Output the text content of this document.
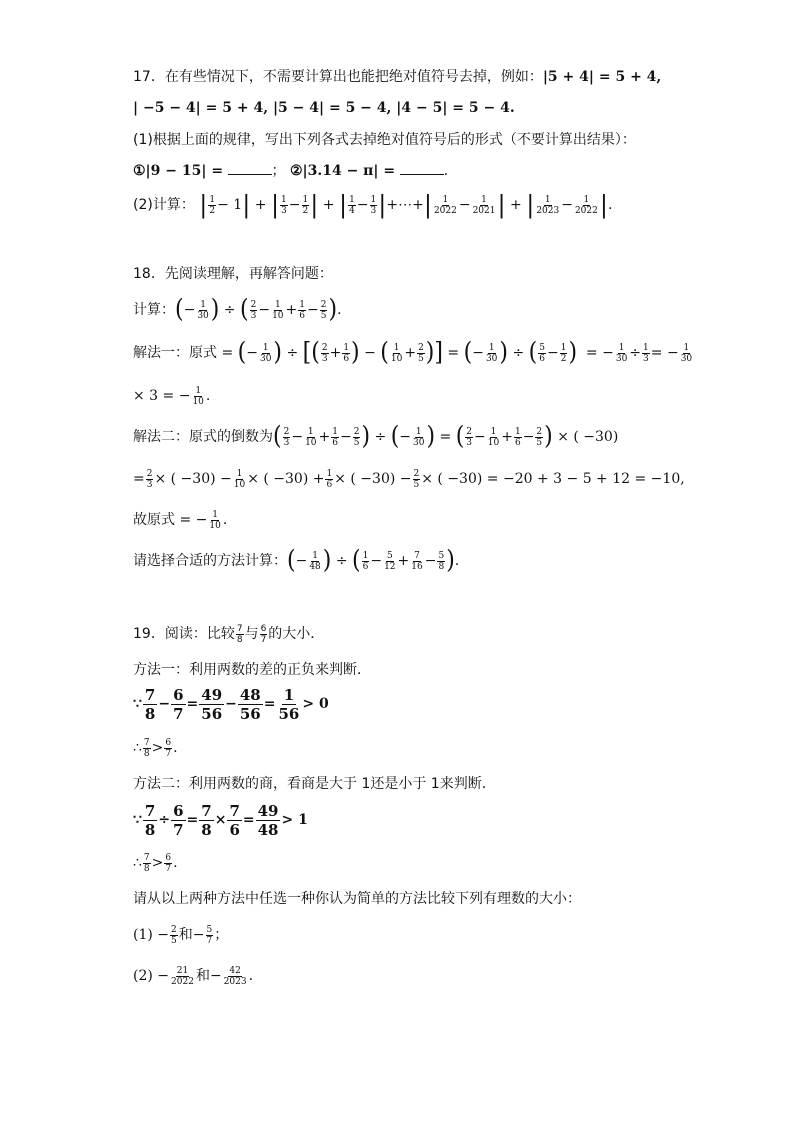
17．在有些情况下，不需要计算出也能把绝对值符号去掉，例如：|5 + 4| = 5 + 4,
| −5 − 4| = 5 + 4, |5 − 4| = 5 − 4, |4 − 5| = 5 − 4.
(1)根据上面的规律，写出下列各式去掉绝对值符号后的形式（不要计算出结果）：
①|9 − 15| =	； ②|3.14 − π| =	.
(2)计算： | $\frac{1}{2} - 1|$ + | $\frac{1}{3} - \frac{1}{2}$ | + | $\frac{1}{4} - \frac{1}{3}$ |+⋯+| $\frac{1}{2022} - \frac{1}{2021}$ | + | $\frac{1}{2023} - \frac{1}{2022}$ |.
18．先阅读理解，再解答问题：
计算：(− $\frac{1}{30}$ ) ÷ ( $\frac{2}{3} - \frac{1}{10} + \frac{1}{6} - \frac{2}{5}$ ).
解法一：原式 = (− $\frac{1}{30}$ ) ÷ [( $\frac{2}{3} + \frac{1}{6}$ ) − ( $\frac{1}{10} + \frac{2}{5}$ )] = (− $\frac{1}{30}$ ) ÷ ( $\frac{5}{6} - \frac{1}{2}$ )  = − $\frac{1}{30} \div \frac{1}{3}$ = − $\frac{1}{30}$
× 3 = − $\frac{1}{10}$ .
解法二：原式的倒数为( $\frac{2}{3} - \frac{1}{10} + \frac{1}{6} - \frac{2}{5}$ ) ÷ (− $\frac{1}{30}$ ) = ( $\frac{2}{3} - \frac{1}{10} + \frac{1}{6} - \frac{2}{5}$ ) × ( −30)
= $\frac{2}{3}$ × ( $-30) - \frac{1}{10}$ × ( $-30) + \frac{1}{6}$ × ( $-30) - \frac{2}{5}$ × ( −30) = −20 + 3 − 5 + 12 = −10,
故原式 = − $\frac{1}{10}$ .
请选择合适的方法计算：(− $\frac{1}{48}$ ) ÷ ( $\frac{1}{6} - \frac{5}{12} + \frac{7}{16} - \frac{5}{8}$ ).
19．阅读：比较 $\frac{7}{8}$ 与 $\frac{6}{7}$ 的大小．
方法一：利用两数的差的正负来判断．
∵ $\frac{7}{8} - \frac{6}{7} = \frac{49}{56} - \frac{48}{56} = \frac{1}{56} > 0$
∴ $\frac{7}{8} > \frac{6}{7}$ .
方法二：利用两数的商，看商是大于 1还是小于 1来判断．
∵ $\frac{7}{8} \div \frac{6}{7} = \frac{7}{8} \times \frac{7}{6} = \frac{49}{48} > 1$
∴ $\frac{7}{8} > \frac{6}{7}$ .
请从以上两种方法中任选一种你认为简单的方法比较下列有理数的大小：
$(1) - \frac{2}{5}$ 和− $\frac{5}{7}$ ；
$(2) - \frac{21}{2022}$ 和− $\frac{42}{2023}$ .
